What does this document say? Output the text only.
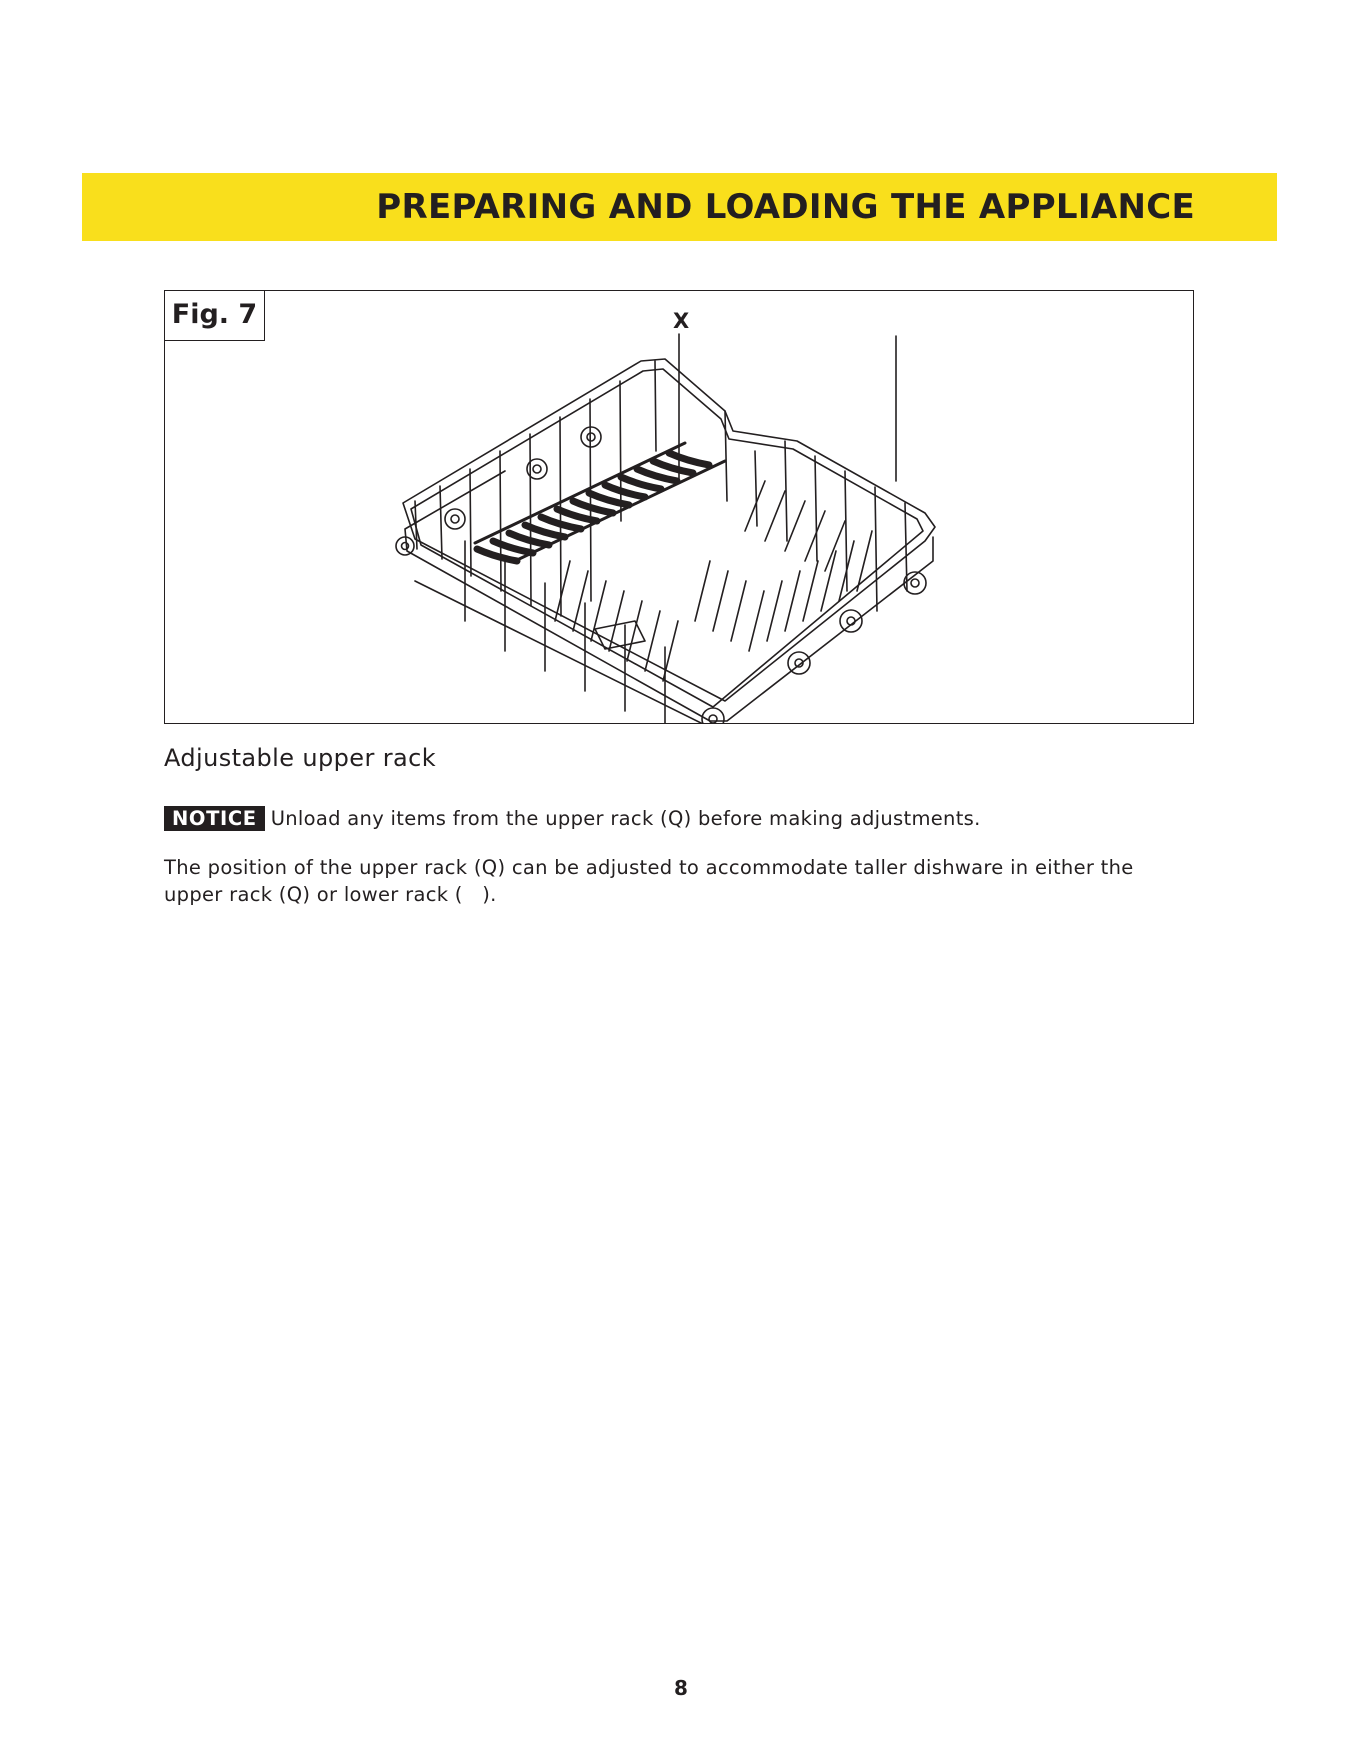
PREPARING AND LOADING THE APPLIANCE
Fig. 7	X
Adjustable upper rack
NOTICE Unload any items from the upper rack (Q) before making adjustments.

The position of the upper rack (Q) can be adjusted to accommodate taller dishware in either the upper rack (Q) or lower rack (   ).

8
